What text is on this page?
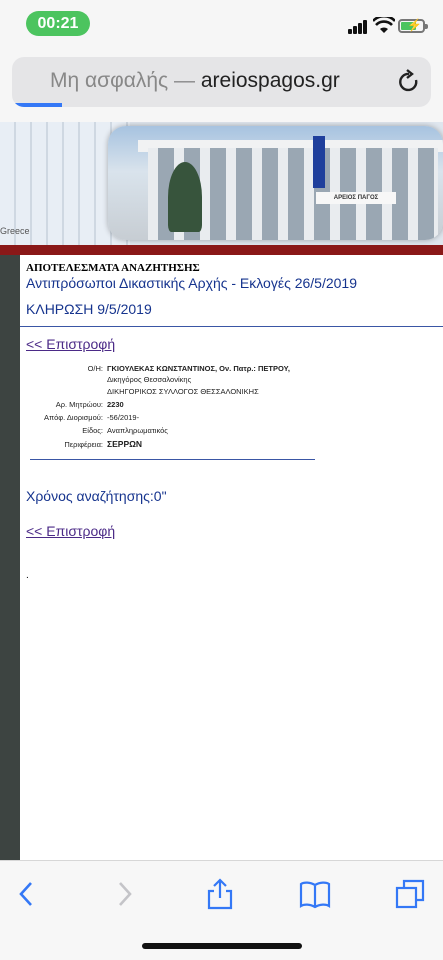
00:21	⚡
Μη ασφαλής — areiospagos.gr
Greece
ΑΡΕΙΟΣ ΠΑΓΟΣ
ΑΠΟΤΕΛΕΣΜΑΤΑ ΑΝΑΖΗΤΗΣΗΣ
Αντιπρόσωποι Δικαστικής Αρχής - Εκλογές 26/5/2019
ΚΛΗΡΩΣΗ 9/5/2019
<< Επιστροφή
Ο/Η: ΓΚΙΟΥΛΕΚΑΣ ΚΩΝΣΤΑΝΤΙΝΟΣ, Ον. Πατρ.: ΠΕΤΡΟΥ,
Δικηγόρος Θεσσαλονίκης
ΔΙΚΗΓΟΡΙΚΟΣ ΣΥΛΛΟΓΟΣ ΘΕΣΣΑΛΟΝΙΚΗΣ
Αρ. Μητρώου: 2230
Απόφ. Διορισμού: -56/2019-
Είδος: Αναπληρωματικός
Περιφέρεια: ΣΕΡΡΩΝ
Χρόνος αναζήτησης:0"
<< Επιστροφή
.
